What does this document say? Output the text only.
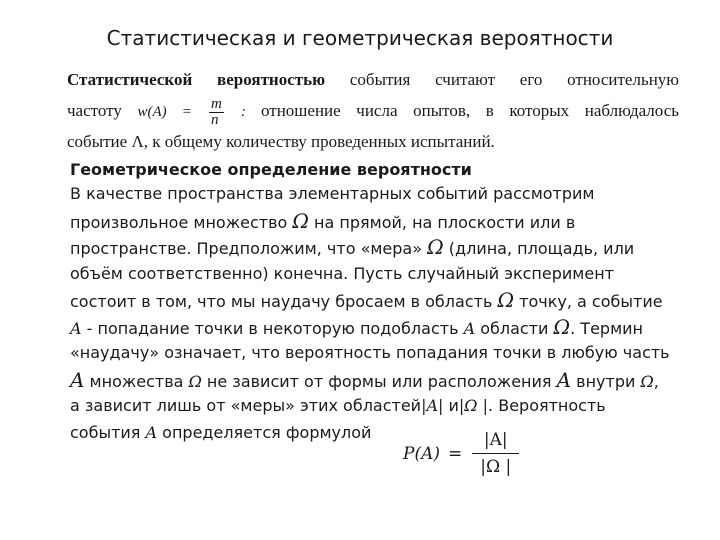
Статистическая и геометрическая вероятности
Статистической вероятностью события считают его относительную
частоту $w(A) = \frac{m}{n}$ : отношение числа опытов, в которых наблюдалось
событие Λ, к общему количеству проведенных испытаний.
Геометрическое определение вероятности
В качестве пространства элементарных событий рассмотрим
произвольное множество Ω на прямой, на плоскости или в
пространстве. Предположим, что «мера» Ω (длина, площадь, или
объём соответственно) конечна. Пусть случайный эксперимент
состоит в том, что мы наудачу бросаем в область Ω точку, а событие
A - попадание точки в некоторую подобласть A области Ω. Термин
«наудачу» означает, что вероятность попадания точки в любую часть
A множества Ω не зависит от формы или расположения A внутри Ω,
а зависит лишь от «меры» этих областей|A| и|Ω |. Вероятность
события A определяется формулой
$P(A) = \frac{|A|}{|\Omega |}$
